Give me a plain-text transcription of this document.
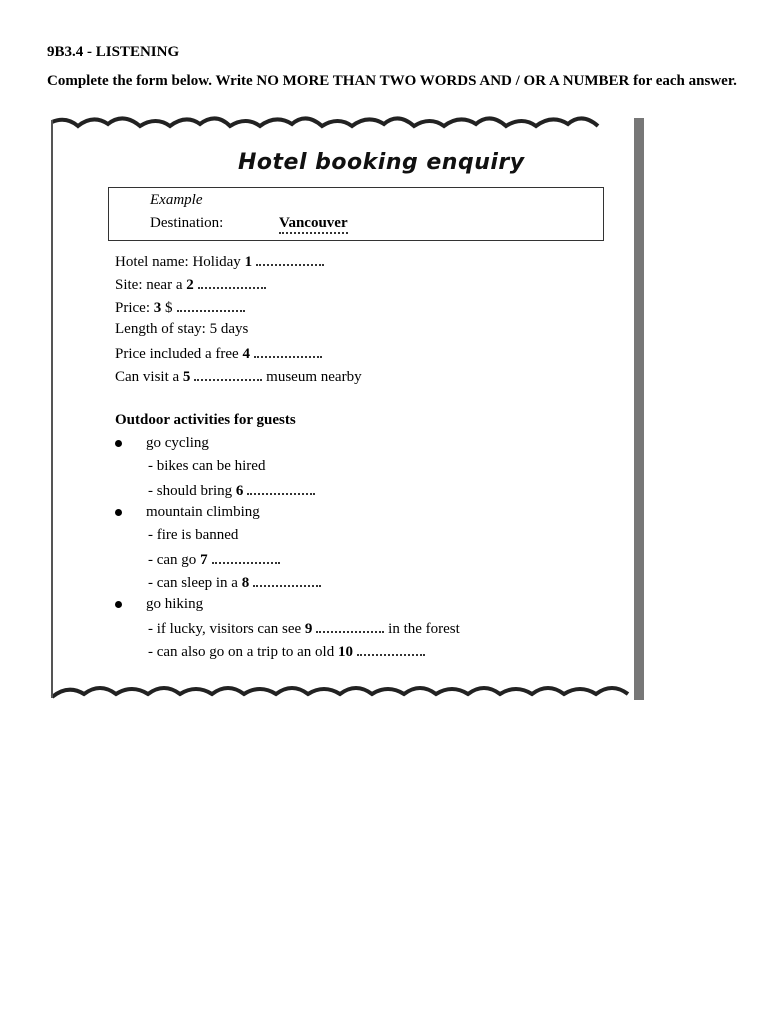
9B3.4 - LISTENING
Complete the form below. Write NO MORE THAN TWO WORDS AND / OR A NUMBER for each answer.
Hotel booking enquiry
Example
Destination:	Vancouver
Hotel name: Holiday 1
Site: near a 2
Price: 3 $
Length of stay: 5 days
Price included a free 4
Can visit a 5	museum nearby
Outdoor activities for guests
go cycling
- bikes can be hired
- should bring 6
mountain climbing
- fire is banned
- can go 7
- can sleep in a 8
go hiking
- if lucky, visitors can see 9	in the forest
- can also go on a trip to an old 10
